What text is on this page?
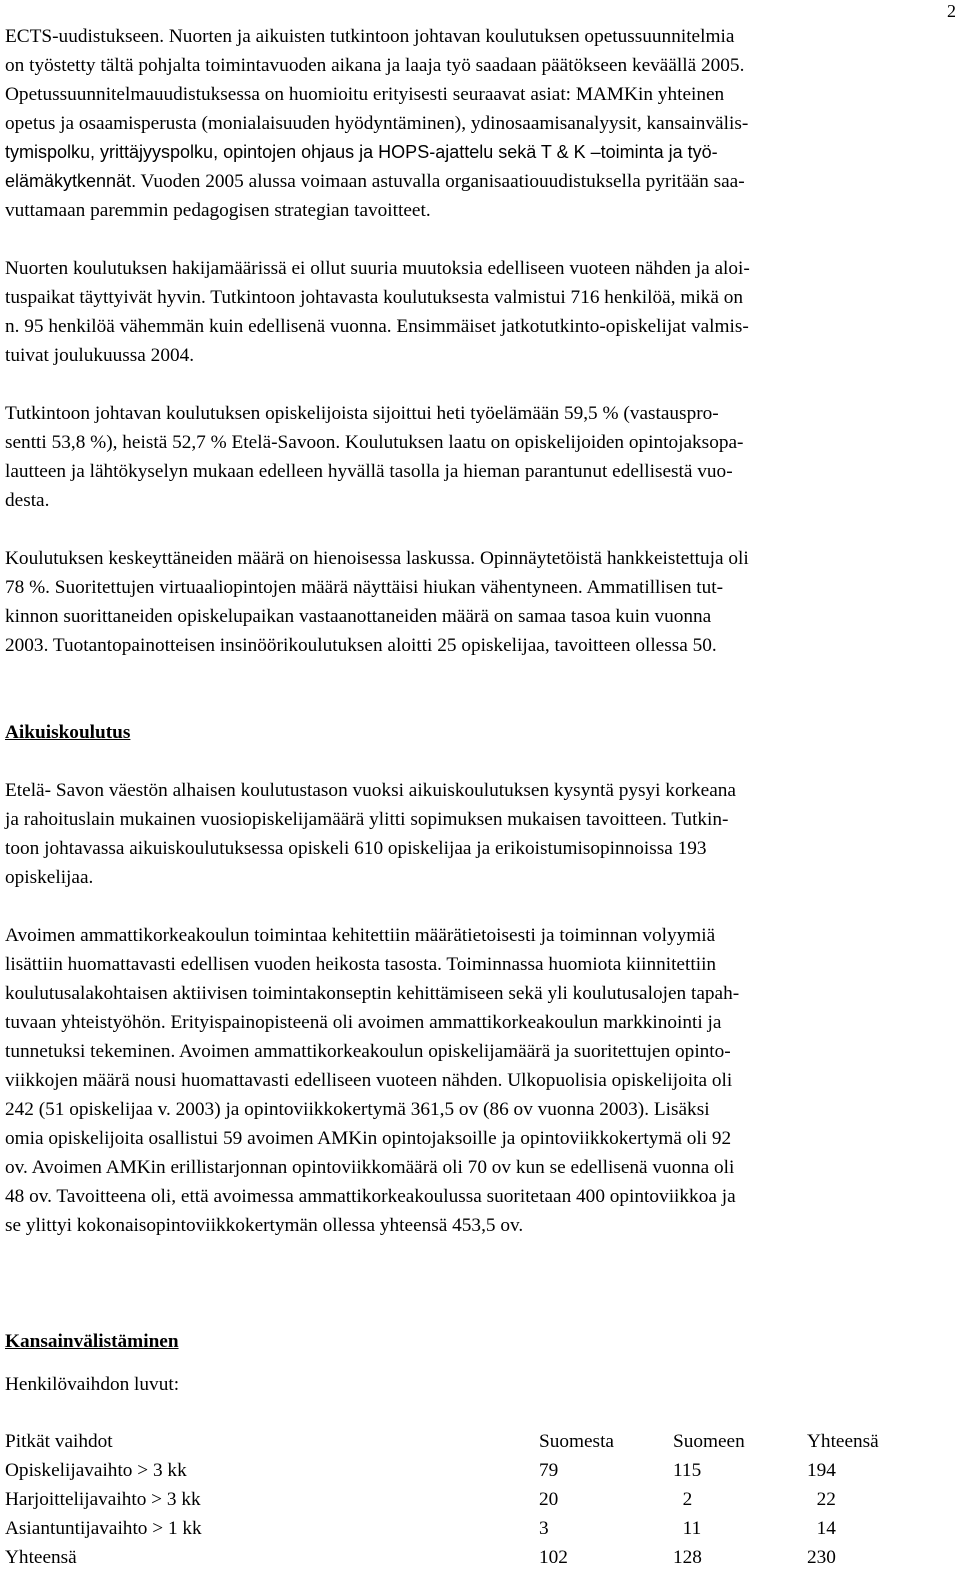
2
ECTS-uudistukseen. Nuorten ja aikuisten tutkintoon johtavan koulutuksen opetussuunnitelmia
on työstetty tältä pohjalta toimintavuoden aikana ja laaja työ saadaan päätökseen keväällä 2005.
Opetussuunnitelmauudistuksessa on huomioitu erityisesti seuraavat asiat: MAMKin yhteinen
opetus ja osaamisperusta (monialaisuuden hyödyntäminen), ydinosaamisanalyysit, kansainvälis-
tymispolku, yrittäjyyspolku, opintojen ohjaus ja HOPS-ajattelu sekä T & K –toiminta ja työ-
elämäkytkennät. Vuoden 2005 alussa voimaan astuvalla organisaatiouudistuksella pyritään saa-
vuttamaan paremmin pedagogisen strategian tavoitteet.
Nuorten koulutuksen hakijamäärissä ei ollut suuria muutoksia edelliseen vuoteen nähden ja aloi-
tuspaikat täyttyivät hyvin. Tutkintoon johtavasta koulutuksesta valmistui 716 henkilöä, mikä on
n. 95 henkilöä vähemmän kuin edellisenä vuonna. Ensimmäiset jatkotutkinto-opiskelijat valmis-
tuivat joulukuussa 2004.
Tutkintoon johtavan koulutuksen opiskelijoista sijoittui heti työelämään 59,5 % (vastauspro-
sentti 53,8 %), heistä 52,7 % Etelä-Savoon. Koulutuksen laatu on opiskelijoiden opintojaksopa-
lautteen ja lähtökyselyn mukaan edelleen hyvällä tasolla ja hieman parantunut edellisestä vuo-
desta.
Koulutuksen keskeyttäneiden määrä on hienoisessa laskussa. Opinnäytetöistä hankkeistettuja oli
78 %. Suoritettujen virtuaaliopintojen määrä näyttäisi hiukan vähentyneen. Ammatillisen tut-
kinnon suorittaneiden opiskelupaikan vastaanottaneiden määrä on samaa tasoa kuin vuonna
2003. Tuotantopainotteisen insinöörikoulutuksen aloitti 25 opiskelijaa, tavoitteen ollessa 50.
Aikuiskoulutus
Etelä- Savon väestön alhaisen koulutustason vuoksi aikuiskoulutuksen kysyntä pysyi korkeana
ja rahoituslain mukainen vuosiopiskelijamäärä ylitti sopimuksen mukaisen tavoitteen. Tutkin-
toon johtavassa aikuiskoulutuksessa opiskeli 610 opiskelijaa ja erikoistumisopinnoissa 193
opiskelijaa.
Avoimen ammattikorkeakoulun toimintaa kehitettiin määrätietoisesti ja toiminnan volyymiä
lisättiin huomattavasti edellisen vuoden heikosta tasosta. Toiminnassa huomiota kiinnitettiin
koulutusalakohtaisen aktiivisen toimintakonseptin kehittämiseen sekä yli koulutusalojen tapah-
tuvaan yhteistyöhön. Erityispainopisteenä oli avoimen ammattikorkeakoulun markkinointi ja
tunnetuksi tekeminen. Avoimen ammattikorkeakoulun opiskelijamäärä ja suoritettujen opinto-
viikkojen määrä nousi huomattavasti edelliseen vuoteen nähden. Ulkopuolisia opiskelijoita oli
242 (51 opiskelijaa v. 2003) ja opintoviikkokertymä 361,5 ov (86 ov vuonna 2003). Lisäksi
omia opiskelijoita osallistui 59 avoimen AMKin opintojaksoille ja opintoviikkokertymä oli 92
ov. Avoimen AMKin erillistarjonnan opintoviikkomäärä oli 70 ov kun se edellisenä vuonna oli
48 ov. Tavoitteena oli, että avoimessa ammattikorkeakoulussa suoritetaan 400 opintoviikkoa ja
se ylittyi kokonaisopintoviikkokertymän ollessa yhteensä 453,5 ov.
Kansainvälistäminen
Henkilövaihdon luvut:
Pitkät vaihdot	Suomesta	Suomeen	Yhteensä
Opiskelijavaihto > 3 kk	79	115	194
Harjoittelijavaihto > 3 kk	20	2	22
Asiantuntijavaihto > 1 kk	3	11	14
Yhteensä	102	128	230
